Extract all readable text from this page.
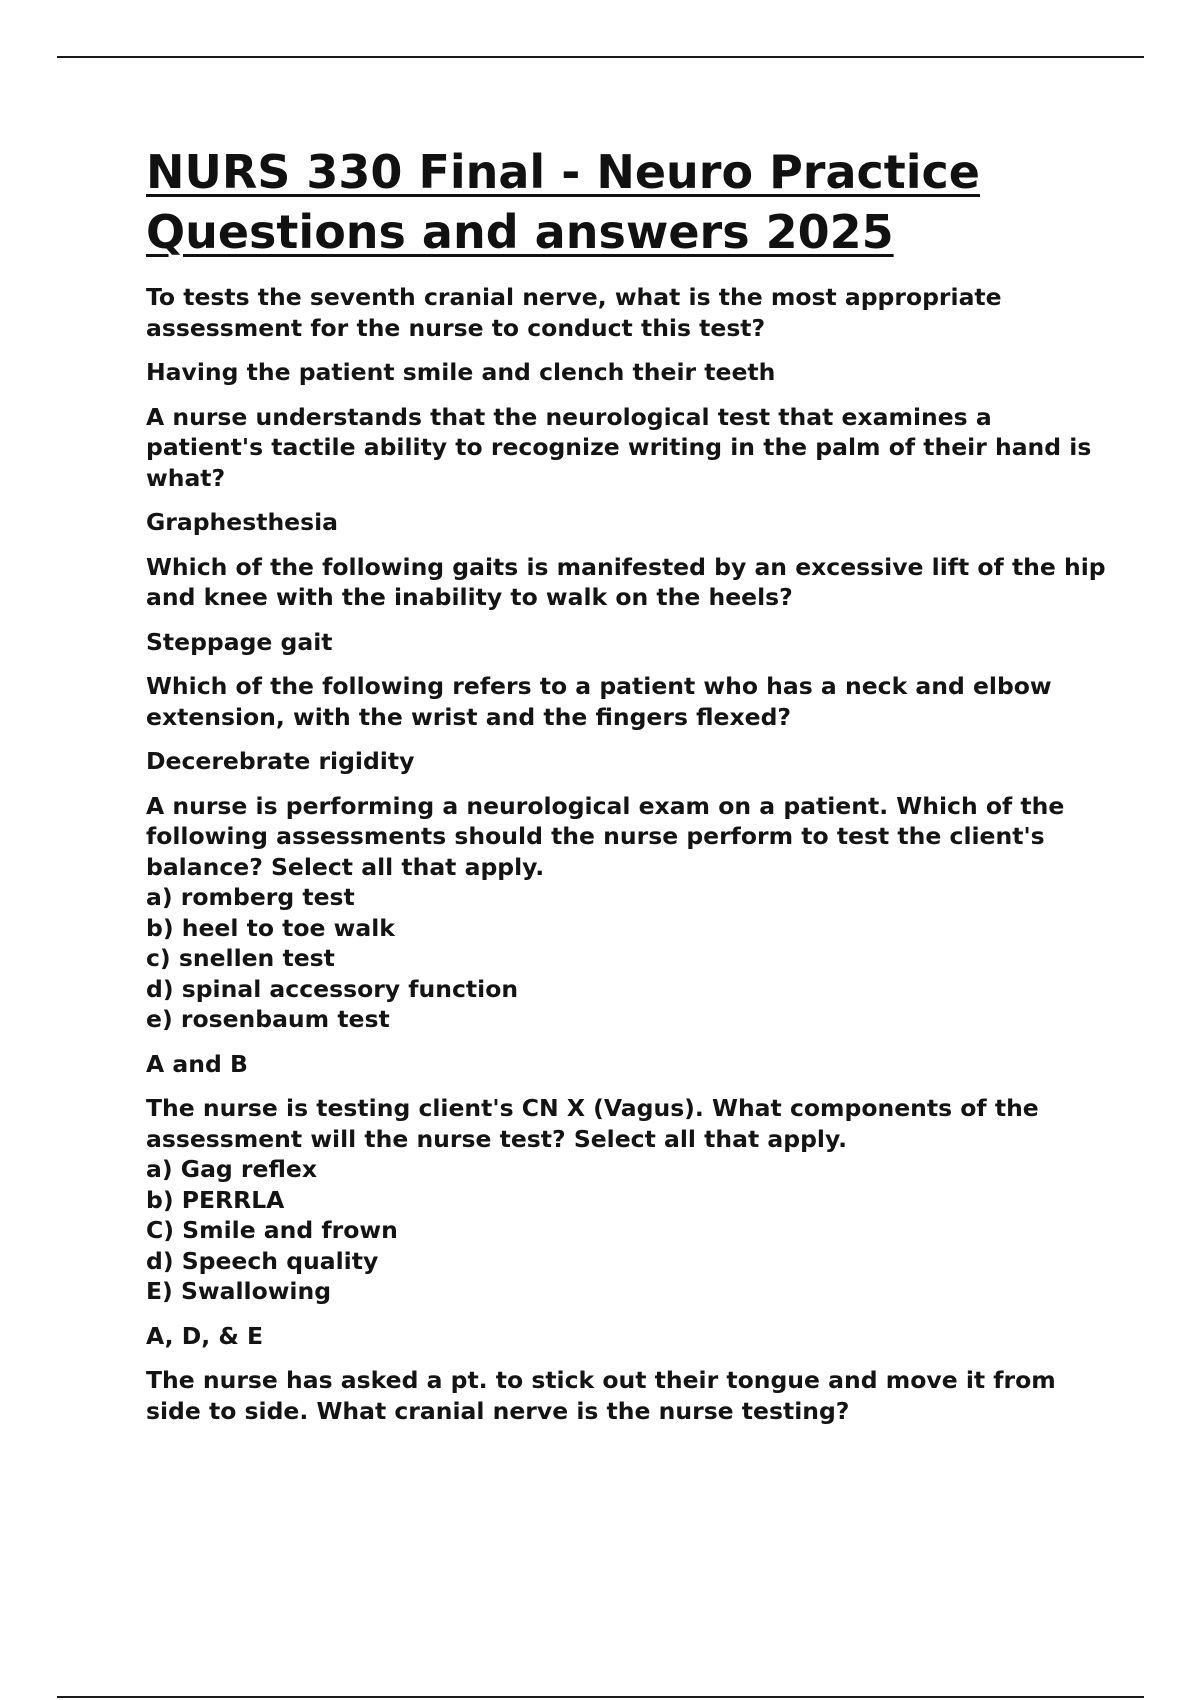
NURS 330 Final - Neuro Practice Questions and answers 2025
To tests the seventh cranial nerve, what is the most appropriate assessment for the nurse to conduct this test?
Having the patient smile and clench their teeth
A nurse understands that the neurological test that examines a patient's tactile ability to recognize writing in the palm of their hand is what?
Graphesthesia
Which of the following gaits is manifested by an excessive lift of the hip and knee with the inability to walk on the heels?
Steppage gait
Which of the following refers to a patient who has a neck and elbow extension, with the wrist and the fingers flexed?
Decerebrate rigidity
A nurse is performing a neurological exam on a patient. Which of the following assessments should the nurse perform to test the client's balance? Select all that apply.
a) romberg test
b) heel to toe walk
c) snellen test
d) spinal accessory function
e) rosenbaum test
A and B
The nurse is testing client's CN X (Vagus). What components of the assessment will the nurse test? Select all that apply.
a) Gag reflex
b) PERRLA
C) Smile and frown
d) Speech quality
E) Swallowing
A, D, & E
The nurse has asked a pt. to stick out their tongue and move it from side to side. What cranial nerve is the nurse testing?
